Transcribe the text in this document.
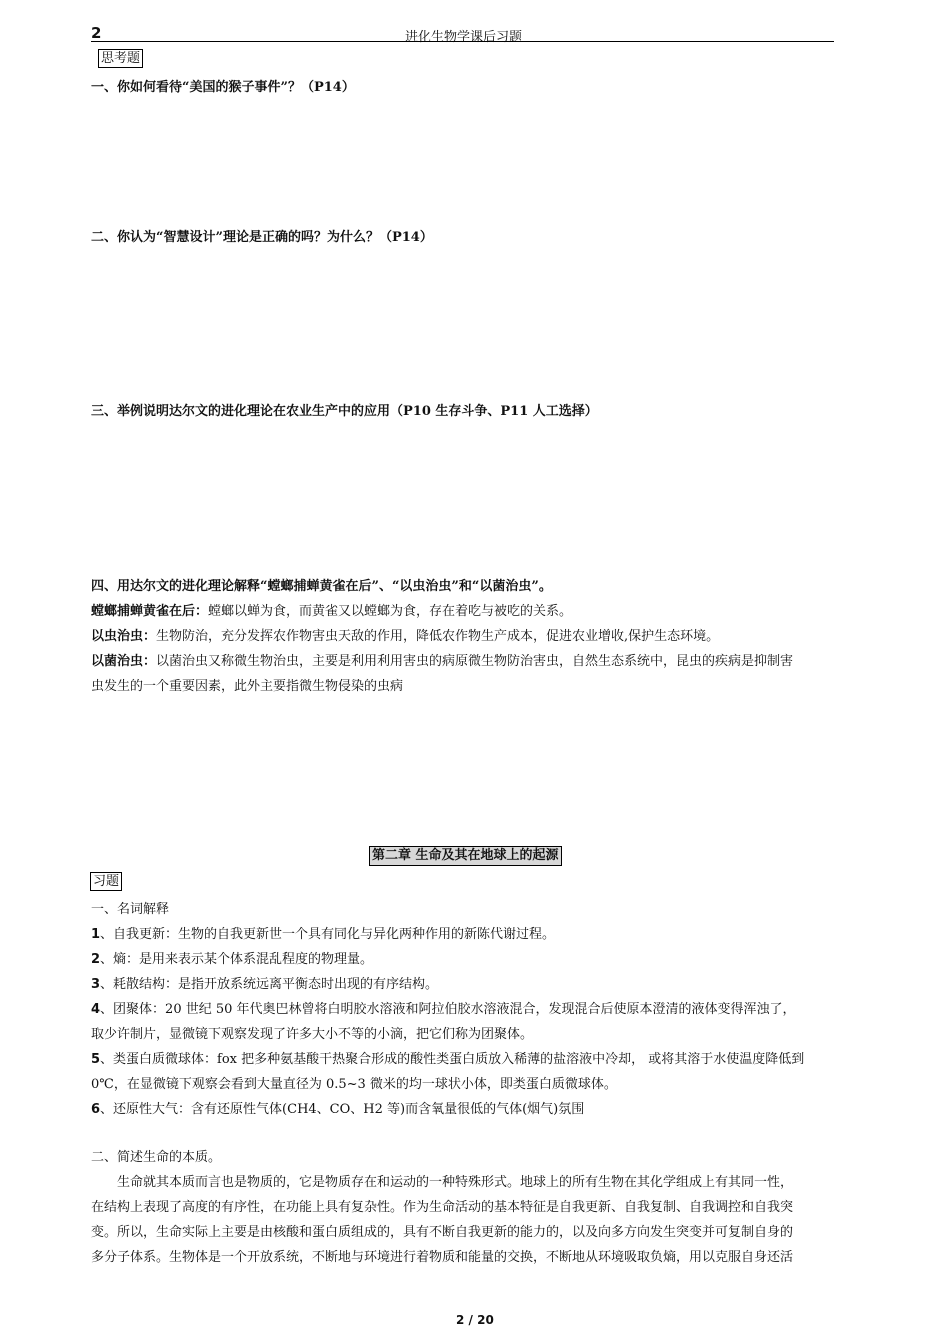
2	进化生物学课后习题
思考题
一、你如何看待“美国的猴子事件”？（P14）
二、你认为“智慧设计”理论是正确的吗？为什么？（P14）
三、举例说明达尔文的进化理论在农业生产中的应用（P10 生存斗争、P11 人工选择）
四、用达尔文的进化理论解释“螳螂捕蝉黄雀在后”、“以虫治虫”和“以菌治虫”。
螳螂捕蝉黄雀在后：螳螂以蝉为食，而黄雀又以螳螂为食，存在着吃与被吃的关系。
以虫治虫：生物防治，充分发挥农作物害虫天敌的作用，降低农作物生产成本，促进农业增收,保护生态环境。
以菌治虫：以菌治虫又称微生物治虫，主要是利用利用害虫的病原微生物防治害虫，自然生态系统中，昆虫的疾病是抑制害
虫发生的一个重要因素，此外主要指微生物侵染的虫病
第二章 生命及其在地球上的起源
习题
一、名词解释
1、自我更新：生物的自我更新世一个具有同化与异化两种作用的新陈代谢过程。
2、熵：是用来表示某个体系混乱程度的物理量。
3、耗散结构：是指开放系统远离平衡态时出现的有序结构。
4、团聚体：20 世纪 50 年代奥巴林曾将白明胶水溶液和阿拉伯胶水溶液混合，发现混合后使原本澄清的液体变得浑浊了，
取少许制片，显微镜下观察发现了许多大小不等的小滴，把它们称为团聚体。
5、类蛋白质微球体：fox 把多种氨基酸干热聚合形成的酸性类蛋白质放入稀薄的盐溶液中冷却， 或将其溶于水使温度降低到
0℃，在显微镜下观察会看到大量直径为 0.5~3 微米的均一球状小体，即类蛋白质微球体。
6、还原性大气：含有还原性气体(CH4、CO、H2 等)而含氧量很低的气体(烟气)氛围
二、简述生命的本质。
生命就其本质而言也是物质的，它是物质存在和运动的一种特殊形式。地球上的所有生物在其化学组成上有其同一性，
在结构上表现了高度的有序性，在功能上具有复杂性。作为生命活动的基本特征是自我更新、自我复制、自我调控和自我突
变。所以，生命实际上主要是由核酸和蛋白质组成的，具有不断自我更新的能力的，以及向多方向发生突变并可复制自身的
多分子体系。生物体是一个开放系统，不断地与环境进行着物质和能量的交换，不断地从环境吸取负熵，用以克服自身还活
2 / 20
